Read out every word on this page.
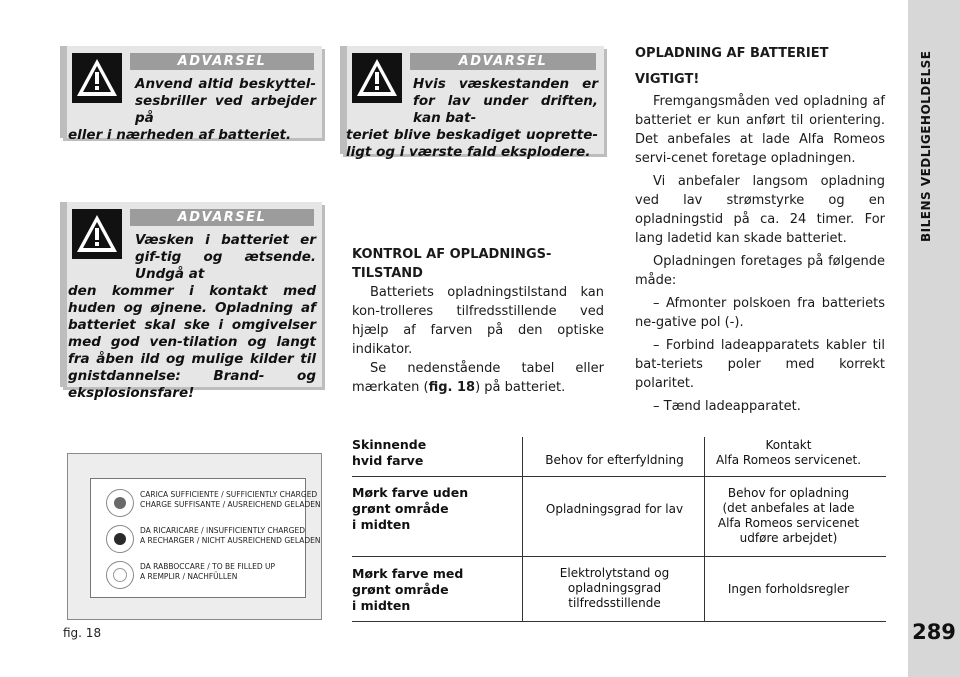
BILENS VEDLIGEHOLDELSE
289
ADVARSEL
Anvend altid beskyttel-sesbriller ved arbejder på
eller i nærheden af batteriet.
ADVARSEL
Hvis væskestanden er for lav under driften, kan bat-
teriet blive beskadiget uoprette-ligt og i værste fald eksplodere.
ADVARSEL
Væsken i batteriet er gif-tig og ætsende. Undgå at
den kommer i kontakt med huden og øjnene. Opladning af batteriet skal ske i omgivelser med god ven-tilation og langt fra åben ild og mulige kilder til gnistdannelse: Brand- og eksplosionsfare!

KONTROL AF OPLADNINGS-TILSTAND

Batteriets opladningstilstand kan kon-trolleres tilfredsstillende ved hjælp af farven på den optiske indikator.

Se nedenstående tabel eller mærkaten (fig. 18) på batteriet.

OPLADNING AF BATTERIET

VIGTIGT!

Fremgangsmåden ved opladning af batteriet er kun anført til orientering. Det anbefales at lade Alfa Romeos servi-cenet foretage opladningen.

Vi anbefaler langsom opladning ved lav strømstyrke og en opladningstid på ca. 24 timer. For lang ladetid kan skade batteriet.

Opladningen foretages på følgende måde:

– Afmonter polskoen fra batteriets ne-gative pol (-).

– Forbind ladeapparatets kabler til bat-teriets poler med korrekt polaritet.

– Tænd ladeapparatet.

CARICA SUFFICIENTE / SUFFICIENTLY CHARGED
CHARGE SUFFISANTE / AUSREICHEND GELADEN
DA RICARICARE / INSUFFICIENTLY CHARGED
A RECHARGER / NICHT AUSREICHEND GELADEN
DA RABBOCCARE / TO BE FILLED UP
A REMPLIR / NACHFÜLLEN
fig. 18
Skinnende
hvid farve	Behov for efterfyldning
Kontakt
Alfa Romeos servicenet.
Mørk farve uden
grønt område
i midten
Opladningsgrad for lav
Behov for opladning
(det anbefales at lade
Alfa Romeos servicenet
udføre arbejdet)
Mørk farve med
grønt område
i midten
Elektrolytstand og
opladningsgrad
tilfredsstillende
Ingen forholdsregler
